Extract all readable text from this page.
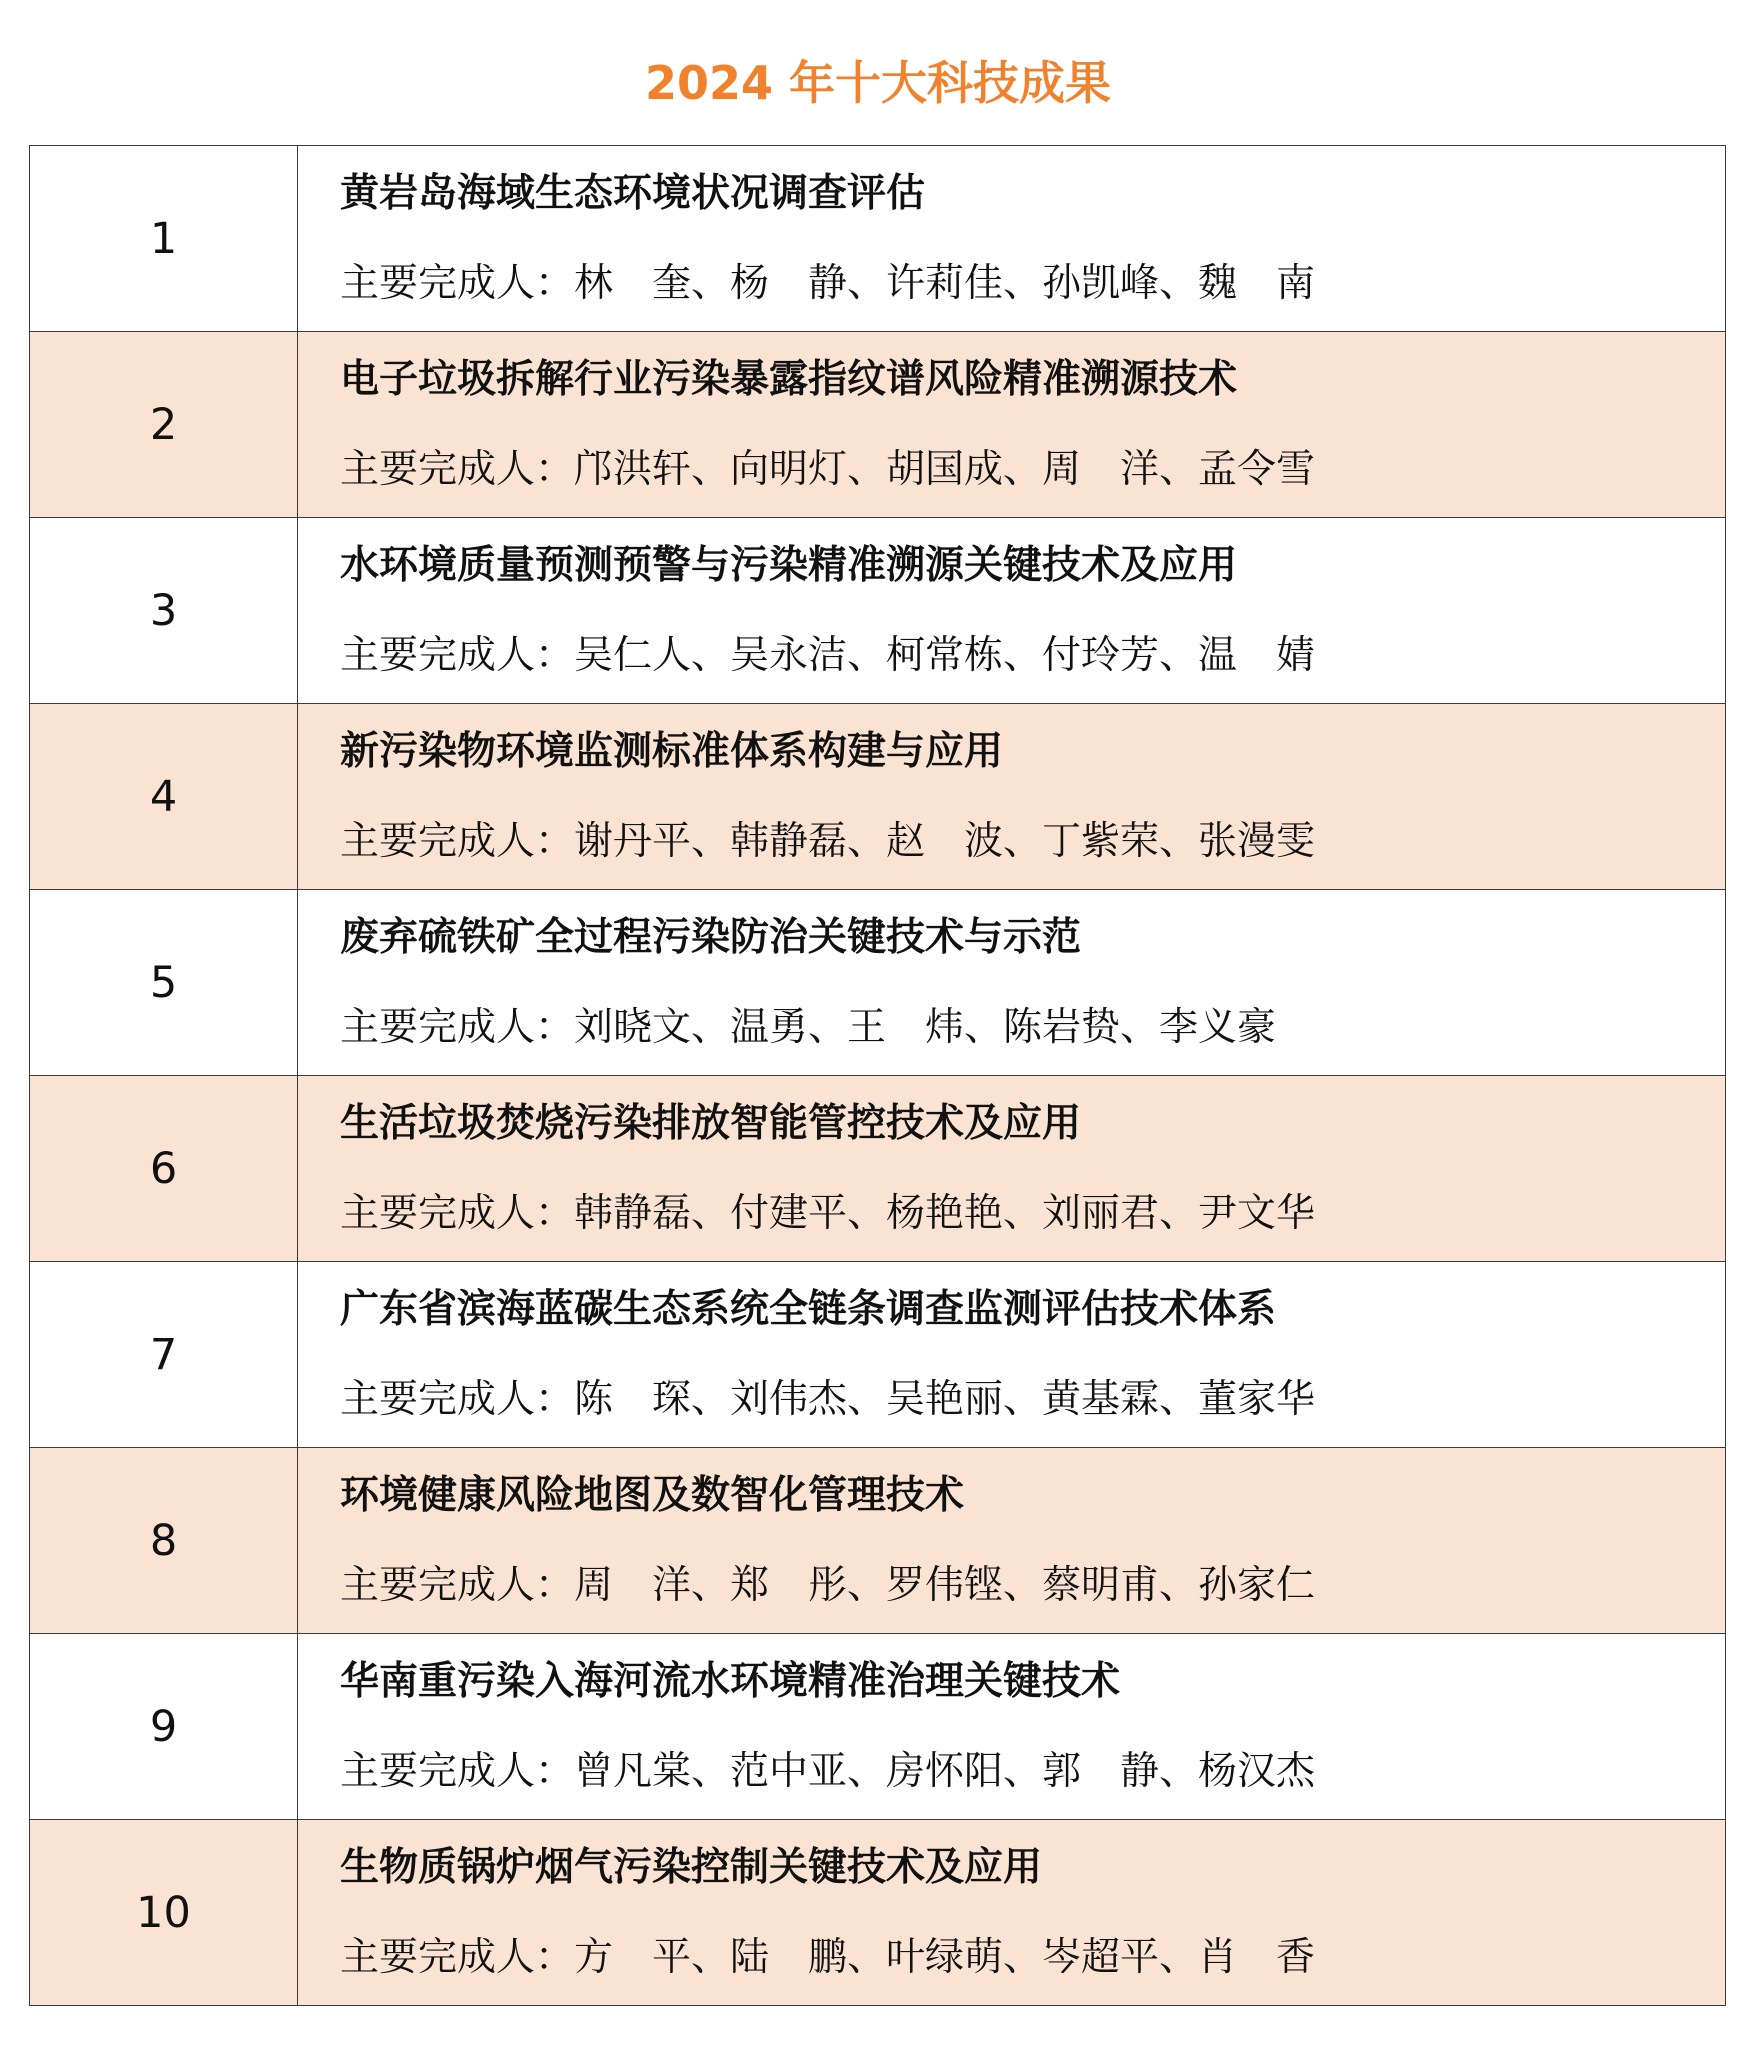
2024 年十大科技成果
1	黄岩岛海域生态环境状况调查评估
主要完成人：林　奎、杨　静、许莉佳、孙凯峰、魏　南

2	电子垃圾拆解行业污染暴露指纹谱风险精准溯源技术
主要完成人：邝洪轩、向明灯、胡国成、周　洋、孟令雪

3	水环境质量预测预警与污染精准溯源关键技术及应用
主要完成人：吴仁人、吴永洁、柯常栋、付玲芳、温　婧

4	新污染物环境监测标准体系构建与应用
主要完成人：谢丹平、韩静磊、赵　波、丁紫荣、张漫雯

5	废弃硫铁矿全过程污染防治关键技术与示范
主要完成人：刘晓文、温勇、王　炜、陈岩贽、李义豪

6	生活垃圾焚烧污染排放智能管控技术及应用
主要完成人：韩静磊、付建平、杨艳艳、刘丽君、尹文华

7	广东省滨海蓝碳生态系统全链条调查监测评估技术体系
主要完成人：陈　琛、刘伟杰、吴艳丽、黄基霖、董家华

8	环境健康风险地图及数智化管理技术
主要完成人：周　洋、郑　彤、罗伟铿、蔡明甫、孙家仁

9	华南重污染入海河流水环境精准治理关键技术
主要完成人：曾凡棠、范中亚、房怀阳、郭　静、杨汉杰

10	生物质锅炉烟气污染控制关键技术及应用
主要完成人：方　平、陆　鹏、叶绿萌、岑超平、肖　香
